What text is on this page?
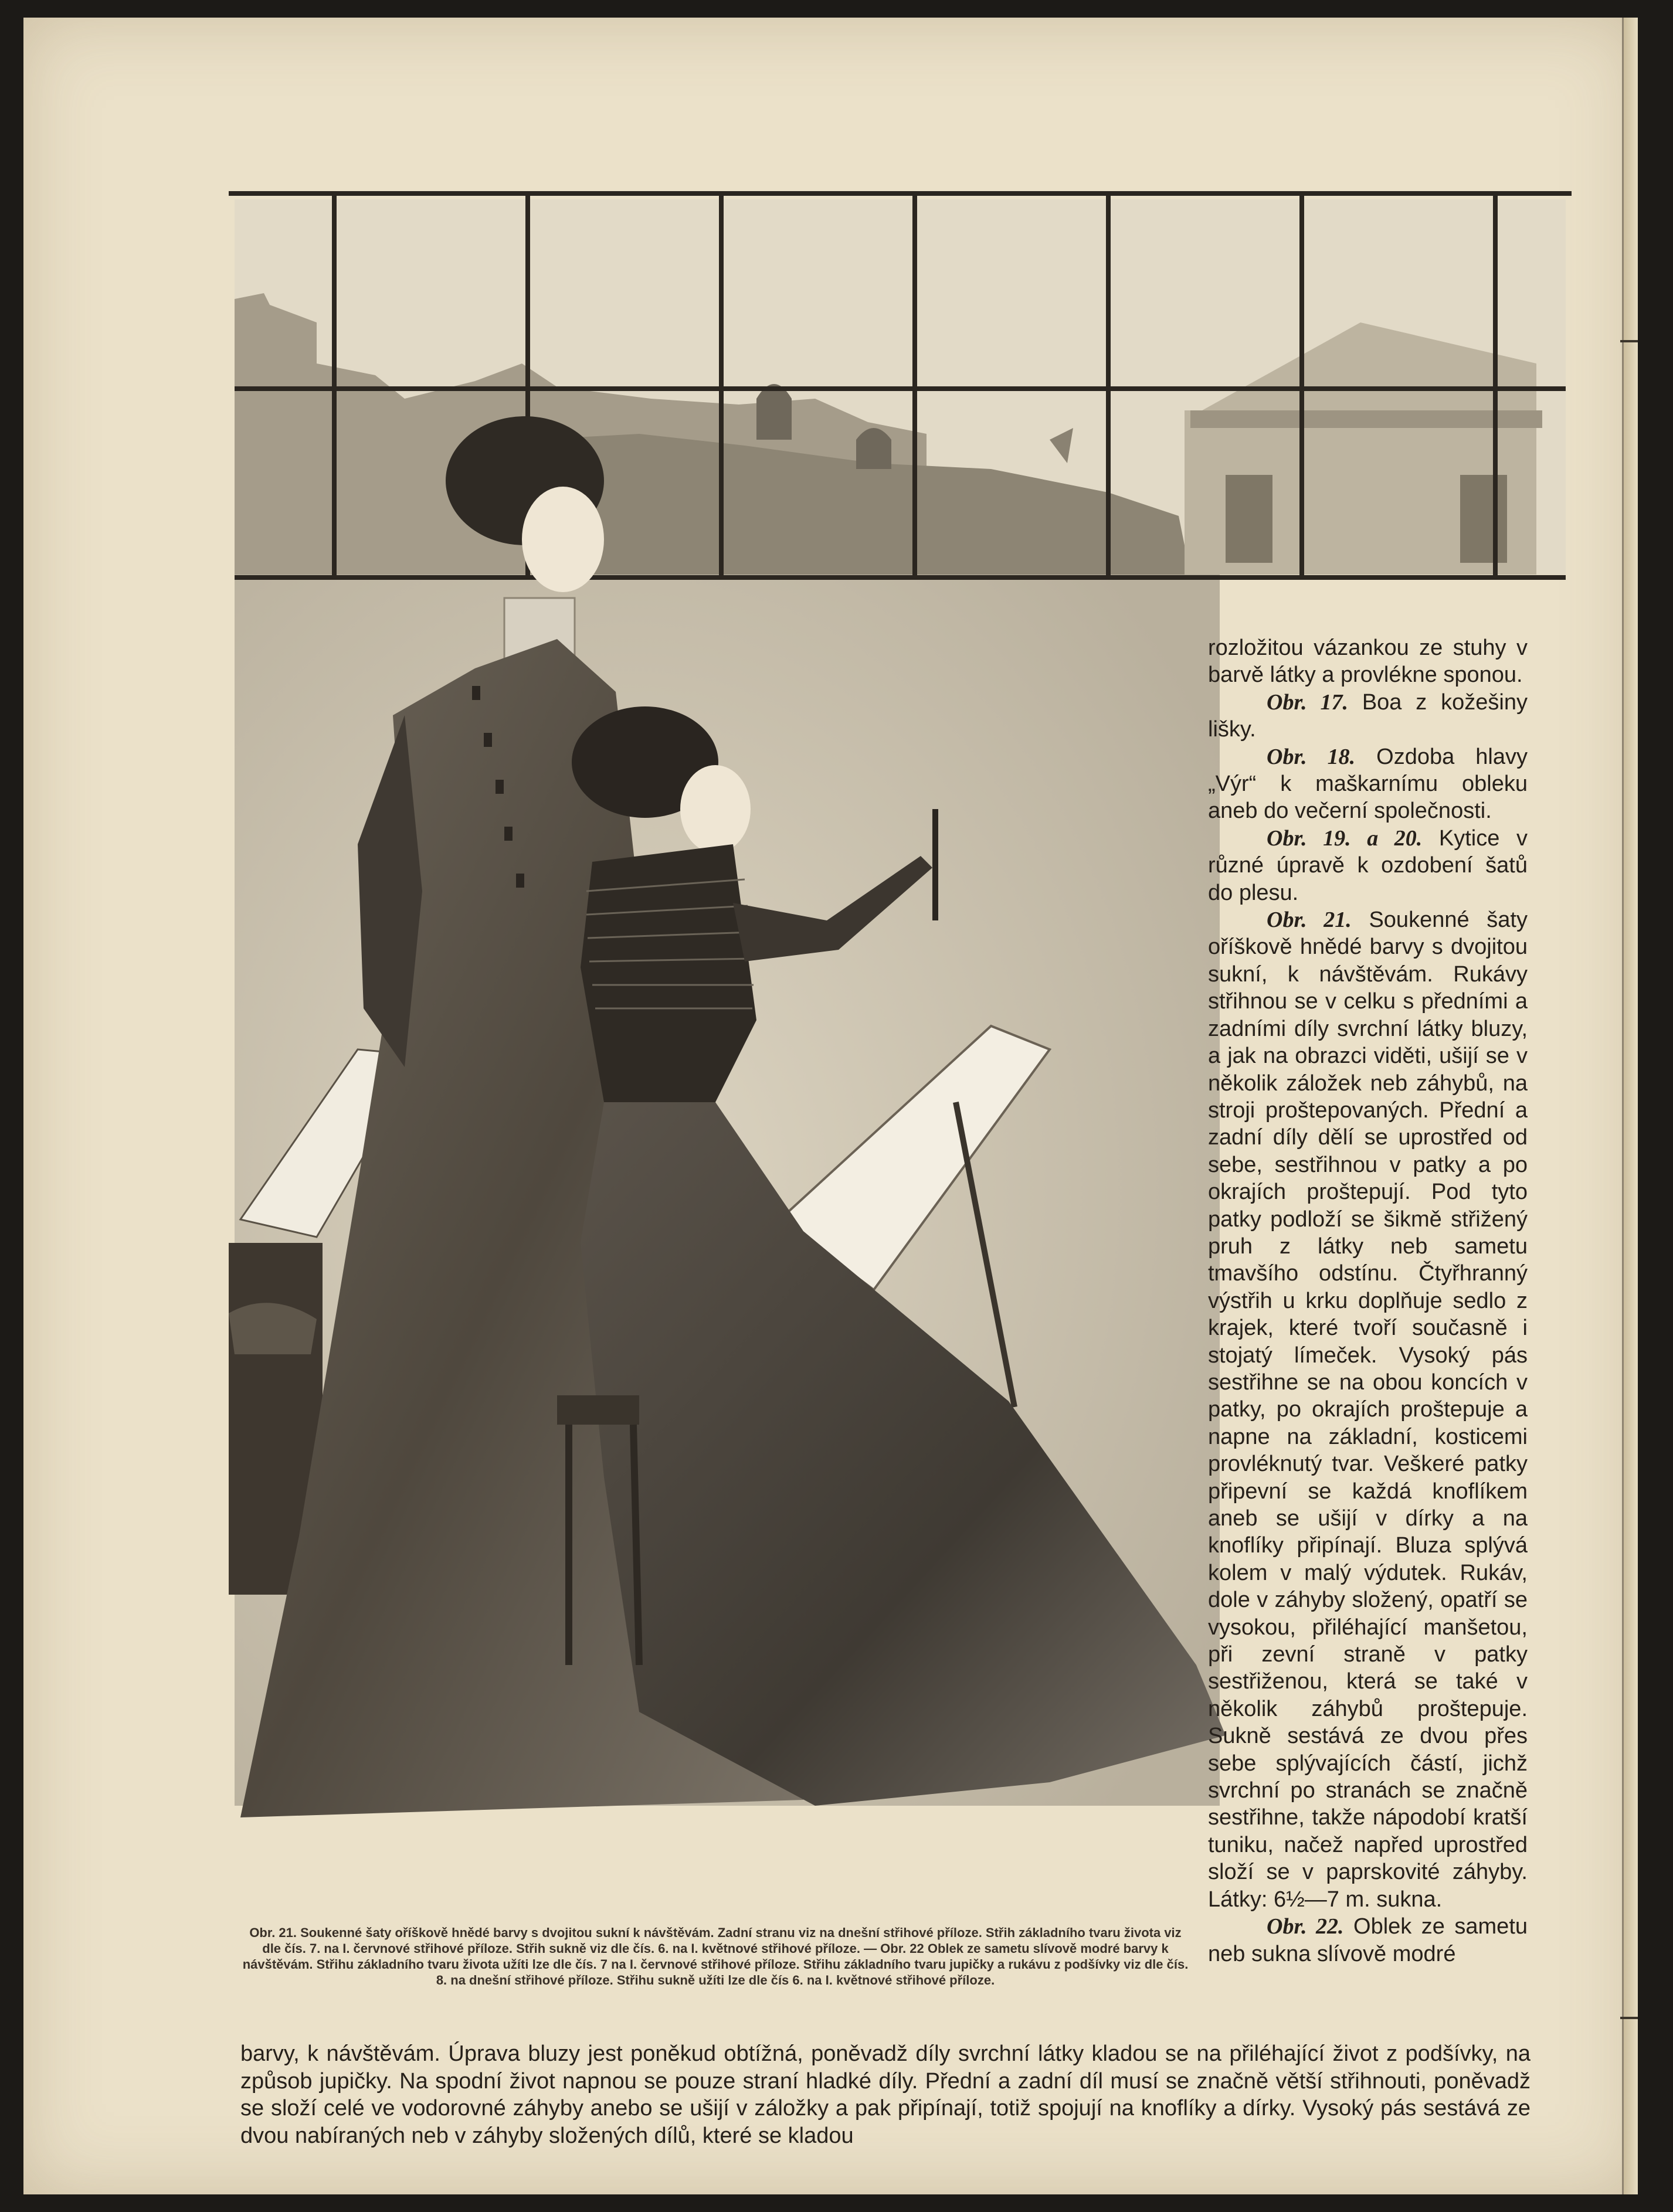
Obr. 21. Soukenné šaty oříškově hnědé barvy s dvojitou sukní k návštěvám. Zadní stranu viz na dnešní střihové příloze. Střih základního tvaru života viz dle čís. 7. na I. červnové střihové příloze. Střih sukně viz dle čís. 6. na I. květnové střihové příloze. — Obr. 22 Oblek ze sametu slívově modré barvy k návštěvám. Střihu základního tvaru života užíti lze dle čís. 7 na I. červnové střihové příloze. Střihu základního tvaru jupičky a rukávu z podšívky viz dle čís. 8. na dnešní střihové příloze. Střihu sukně užíti lze dle čís 6. na I. květnové střihové příloze.

rozložitou vázankou ze stuhy v barvě látky a provlékne sponou.

Obr. 17. Boa z kožešiny lišky.

Obr. 18. Ozdoba hlavy „Výr“ k maškarnímu obleku aneb do večerní společnosti.

Obr. 19. a 20. Kytice v různé úpravě k ozdobení šatů do plesu.

Obr. 21. Soukenné šaty oříškově hnědé barvy s dvojitou sukní, k návštěvám. Rukávy střihnou se v celku s předními a zadními díly svrchní látky bluzy, a jak na obrazci viděti, ušijí se v několik záložek neb záhybů, na stroji proštepovaných. Přední a zadní díly dělí se uprostřed od sebe, sestřihnou v patky a po okrajích proštepují. Pod tyto patky podloží se šikmě střižený pruh z látky neb sametu tmavšího odstínu. Čtyřhranný výstřih u krku doplňuje sedlo z krajek, které tvoří současně i stojatý límeček. Vysoký pás sestřihne se na obou koncích v patky, po okrajích proštepuje a napne na základní, kosticemi provléknutý tvar. Veškeré patky připevní se každá knoflíkem aneb se ušijí v dírky a na knoflíky připínají. Bluza splývá kolem v malý výdutek. Rukáv, dole v záhyby složený, opatří se vysokou, přiléhající manšetou, při zevní straně v patky sestřiženou, která se také v několik záhybů proštepuje. Sukně sestává ze dvou přes sebe splývajících částí, jichž svrchní po stranách se značně sestřihne, takže nápodobí kratší tuniku, načež napřed uprostřed složí se v paprskovité záhyby. Látky: 6½—7 m. sukna.

Obr. 22. Oblek ze sametu neb sukna slívově modré

barvy, k návštěvám. Úprava bluzy jest poněkud obtížná, poněvadž díly svrchní látky kladou se na přiléhající život z podšívky, na způsob jupičky. Na spodní život napnou se pouze straní hladké díly. Přední a zadní díl musí se značně větší střihnouti, poněvadž se složí celé ve vodorovné záhyby anebo se ušijí v záložky a pak připínají, totiž spojují na knoflíky a dírky. Vysoký pás sestává ze dvou nabíraných neb v záhyby složených dílů, které se kladou
